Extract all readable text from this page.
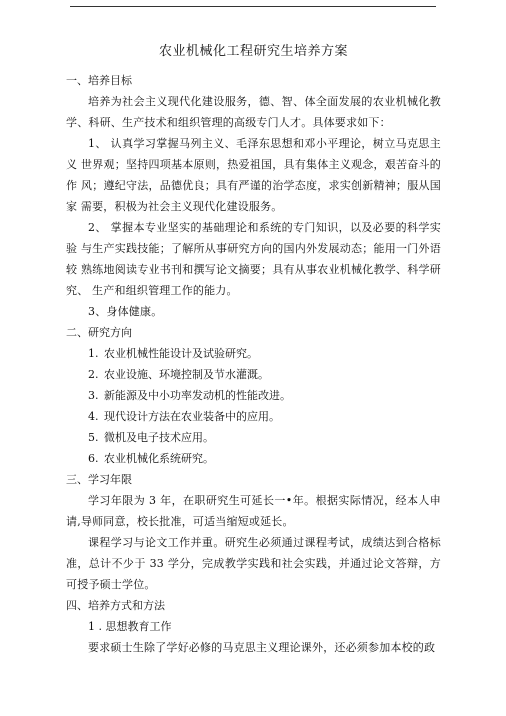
农业机械化工程研究生培养方案

一、培养目标

培养为社会主义现代化建设服务，德、智、体全面发展的农业机械化教学、科研、生产技术和组织管理的高级专门人才。具体要求如下：

1、 认真学习掌握马列主义、毛泽东思想和邓小平理论，树立马克思主义 世界观；坚持四项基本原则，热爱祖国，具有集体主义观念，艰苦奋斗的作 风；遵纪守法，品德优良；具有严谨的治学态度，求实创新精神；服从国家 需要，积极为社会主义现代化建设服务。

2、 掌握本专业坚实的基础理论和系统的专门知识，以及必要的科学实验 与生产实践技能；了解所从事研究方向的国内外发展动态；能用一门外语较 熟练地阅读专业书刊和撰写论文摘要；具有从事农业机械化教学、科学研究、 生产和组织管理工作的能力。

3、身体健康。

二、研究方向

1. 农业机械性能设计及试验研究。

2. 农业设施、环境控制及节水灌溉。

3. 新能源及中小功率发动机的性能改进。

4. 现代设计方法在农业装备中的应用。

5. 微机及电子技术应用。

6. 农业机械化系统研究。

三、学习年限

学习年限为 3 年，在职研究生可延长一•年。根据实际情况，经本人申请,导师同意，校长批准，可适当缩短或延长。

课程学习与论文工作并重。研究生必须通过课程考试，成绩达到合格标准，总计不少于 33 学分，完成教学实践和社会实践，并通过论文答辩，方可授予硕士学位。

四、培养方式和方法

1 . 思想教育工作

要求硕士生除了学好必修的马克思主义理论课外，还必须参加本校的政
